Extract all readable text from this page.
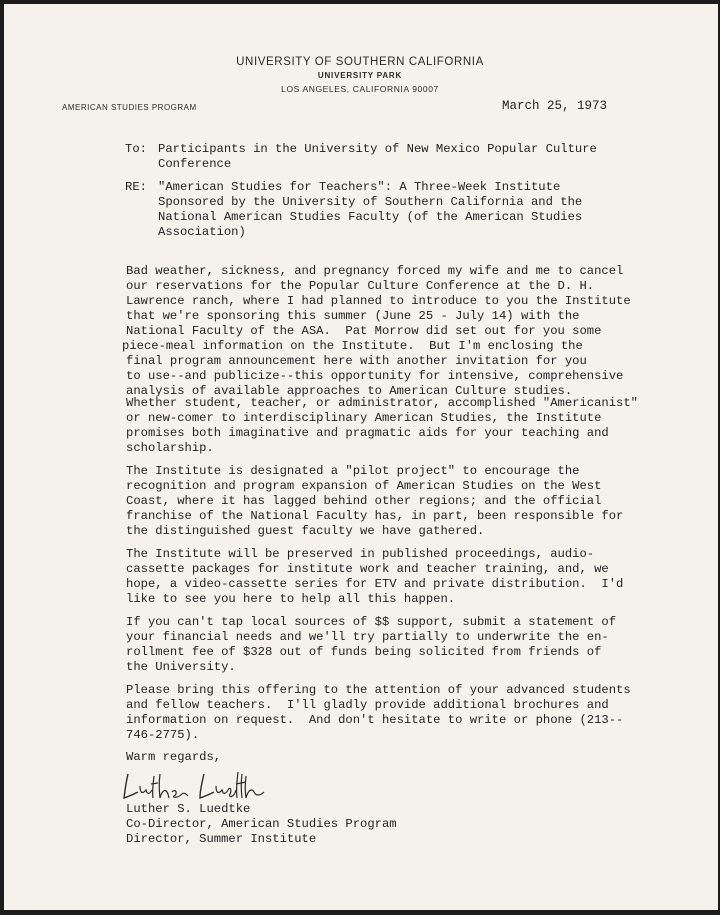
UNIVERSITY OF SOUTHERN CALIFORNIA
UNIVERSITY PARK
LOS ANGELES, CALIFORNIA 90007
AMERICAN STUDIES PROGRAM	March 25, 1973
To: Participants in the University of New Mexico Popular Culture
Conference
RE: "American Studies for Teachers": A Three-Week Institute
Sponsored by the University of Southern California and the
National American Studies Faculty (of the American Studies
Association)
Bad weather, sickness, and pregnancy forced my wife and me to cancel
our reservations for the Popular Culture Conference at the D. H.
Lawrence ranch, where I had planned to introduce to you the Institute
that we're sponsoring this summer (June 25 - July 14) with the
National Faculty of the ASA.  Pat Morrow did set out for you some
piece-meal information on the Institute.  But I'm enclosing the
final program announcement here with another invitation for you
to use--and publicize--this opportunity for intensive, comprehensive
analysis of available approaches to American Culture studies.
Whether student, teacher, or administrator, accomplished "Americanist"
or new-comer to interdisciplinary American Studies, the Institute
promises both imaginative and pragmatic aids for your teaching and
scholarship.
The Institute is designated a "pilot project" to encourage the
recognition and program expansion of American Studies on the West
Coast, where it has lagged behind other regions; and the official
franchise of the National Faculty has, in part, been responsible for
the distinguished guest faculty we have gathered.
The Institute will be preserved in published proceedings, audio-
cassette packages for institute work and teacher training, and, we
hope, a video-cassette series for ETV and private distribution.  I'd
like to see you here to help all this happen.
If you can't tap local sources of $$ support, submit a statement of
your financial needs and we'll try partially to underwrite the en-
rollment fee of $328 out of funds being solicited from friends of
the University.
Please bring this offering to the attention of your advanced students
and fellow teachers.  I'll gladly provide additional brochures and
information on request.  And don't hesitate to write or phone (213--
746-2775).
Warm regards,
Luther S. Luedtke
Co-Director, American Studies Program
Director, Summer Institute
